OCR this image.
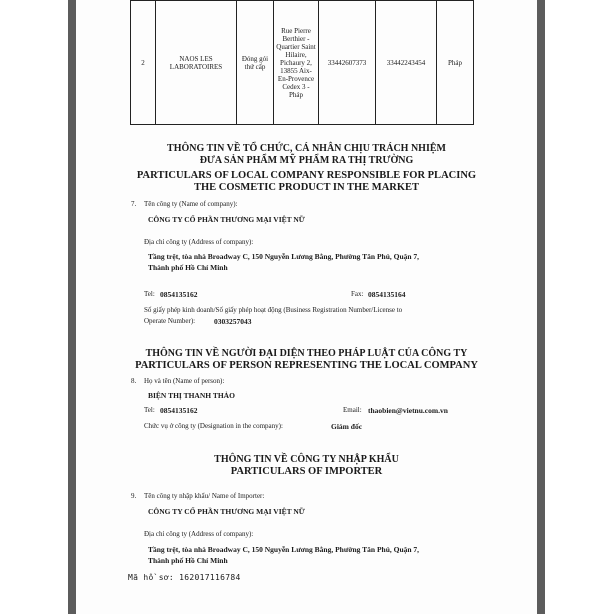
2	NAOS LES LABORATOIRES	Đóng gói thứ cấp	Rue Pierre Berthier - Quartier Saint Hilaire, Pichaury 2, 13855 Aix-En-Provence Cedex 3 - Pháp	33442607373	33442243454	Pháp
THÔNG TIN VỀ TỔ CHỨC, CÁ NHÂN CHỊU TRÁCH NHIỆM
ĐƯA SẢN PHẨM MỸ PHẨM RA THỊ TRƯỜNG
PARTICULARS OF LOCAL COMPANY RESPONSIBLE FOR PLACING
THE COSMETIC PRODUCT IN THE MARKET
7. Tên công ty (Name of company):
CÔNG TY CỔ PHẦN THƯƠNG MẠI VIỆT NỮ
Địa chỉ công ty (Address of company):
Tầng trệt, tòa nhà Broadway C, 150 Nguyễn Lương Bằng, Phường Tân Phú, Quận 7,
Thành phố Hồ Chí Minh
Tel: 0854135162	Fax: 0854135164
Số giấy phép kinh doanh/Số giấy phép hoạt động (Business Registration Number/License to
Operate Number):	0303257043
THÔNG TIN VỀ NGƯỜI ĐẠI DIỆN THEO PHÁP LUẬT CỦA CÔNG TY
PARTICULARS OF PERSON REPRESENTING THE LOCAL COMPANY
8. Họ và tên (Name of person):
BIỆN THỊ THANH THẢO
Tel: 0854135162	Email: thaobien@vietnu.com.vn
Chức vụ ở công ty (Designation in the company):	Giám đốc
THÔNG TIN VỀ CÔNG TY NHẬP KHẨU
PARTICULARS OF IMPORTER
9. Tên công ty nhập khẩu/ Name of Importer:
CÔNG TY CỔ PHẦN THƯƠNG MẠI VIỆT NỮ
Địa chỉ công ty (Address of company):
Tầng trệt, tòa nhà Broadway C, 150 Nguyễn Lương Bằng, Phường Tân Phú, Quận 7,
Thành phố Hồ Chí Minh
Mã hồ sơ: 162017116784
